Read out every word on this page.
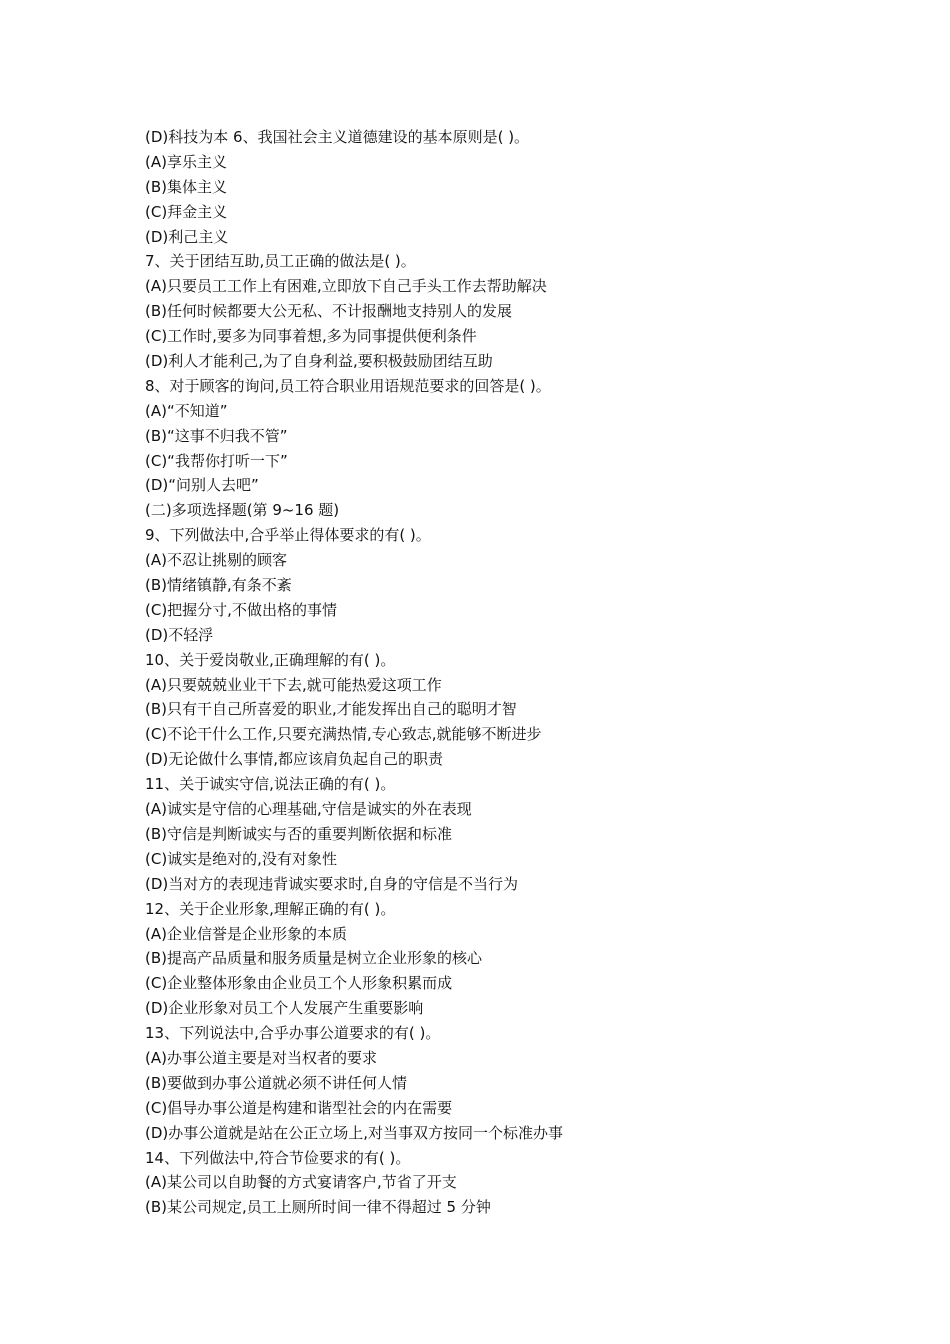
(D)科技为本 6、我国社会主义道德建设的基本原则是( )。
(A)享乐主义
(B)集体主义
(C)拜金主义
(D)利己主义
7、关于团结互助,员工正确的做法是( )。
(A)只要员工工作上有困难,立即放下自己手头工作去帮助解决
(B)任何时候都要大公无私、不计报酬地支持别人的发展
(C)工作时,要多为同事着想,多为同事提供便利条件
(D)利人才能利己,为了自身利益,要积极鼓励团结互助
8、对于顾客的询问,员工符合职业用语规范要求的回答是( )。
(A)“不知道”
(B)“这事不归我不管”
(C)“我帮你打听一下”
(D)“问别人去吧”
(二)多项选择题(第 9~16 题)
9、下列做法中,合乎举止得体要求的有( )。
(A)不忍让挑剔的顾客
(B)情绪镇静,有条不紊
(C)把握分寸,不做出格的事情
(D)不轻浮
10、关于爱岗敬业,正确理解的有( )。
(A)只要兢兢业业干下去,就可能热爱这项工作
(B)只有干自己所喜爱的职业,才能发挥出自己的聪明才智
(C)不论干什么工作,只要充满热情,专心致志,就能够不断进步
(D)无论做什么事情,都应该肩负起自己的职责
11、关于诚实守信,说法正确的有( )。
(A)诚实是守信的心理基础,守信是诚实的外在表现
(B)守信是判断诚实与否的重要判断依据和标准
(C)诚实是绝对的,没有对象性
(D)当对方的表现违背诚实要求时,自身的守信是不当行为
12、关于企业形象,理解正确的有( )。
(A)企业信誉是企业形象的本质
(B)提高产品质量和服务质量是树立企业形象的核心
(C)企业整体形象由企业员工个人形象积累而成
(D)企业形象对员工个人发展产生重要影响
13、下列说法中,合乎办事公道要求的有( )。
(A)办事公道主要是对当权者的要求
(B)要做到办事公道就必须不讲任何人情
(C)倡导办事公道是构建和谐型社会的内在需要
(D)办事公道就是站在公正立场上,对当事双方按同一个标准办事
14、下列做法中,符合节俭要求的有( )。
(A)某公司以自助餐的方式宴请客户,节省了开支
(B)某公司规定,员工上厕所时间一律不得超过 5 分钟
